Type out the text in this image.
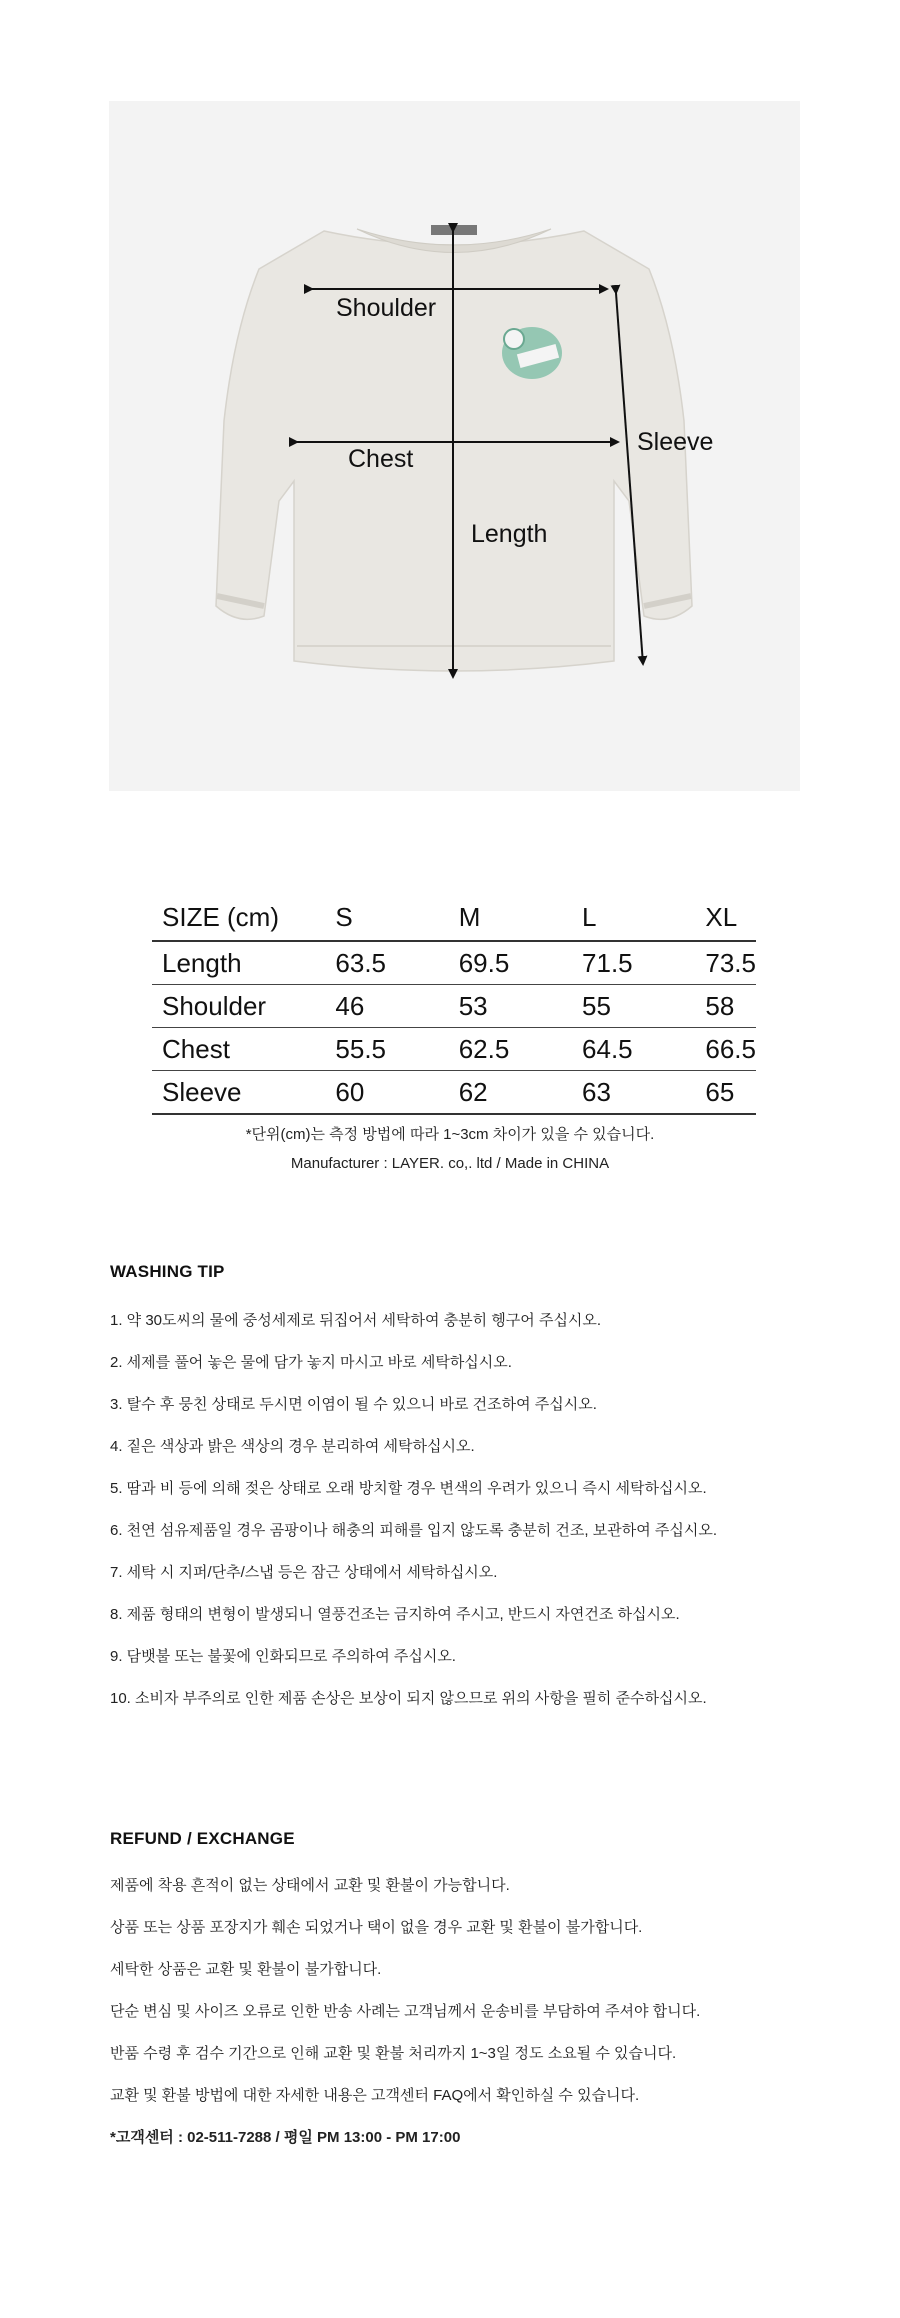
Shoulder
Chest
Length
Sleeve
SIZE (cm)	S	M	L	XL
Length	63.5	69.5	71.5	73.5
Shoulder	46	53	55	58
Chest	55.5	62.5	64.5	66.5
Sleeve	60	62	63	65
*단위(cm)는 측정 방법에 따라 1~3cm 차이가 있을 수 있습니다.
Manufacturer : LAYER. co,. ltd / Made in CHINA
WASHING TIP
1. 약 30도씨의 물에 중성세제로 뒤집어서 세탁하여 충분히 헹구어 주십시오.
2. 세제를 풀어 놓은 물에 담가 놓지 마시고 바로 세탁하십시오.
3. 탈수 후 뭉친 상태로 두시면 이염이 될 수 있으니 바로 건조하여 주십시오.
4. 짙은 색상과 밝은 색상의 경우 분리하여 세탁하십시오.
5. 땀과 비 등에 의해 젖은 상태로 오래 방치할 경우 변색의 우려가 있으니 즉시 세탁하십시오.
6. 천연 섬유제품일 경우 곰팡이나 해충의 피해를 입지 않도록 충분히 건조, 보관하여 주십시오.
7. 세탁 시 지퍼/단추/스냅 등은 잠근 상태에서 세탁하십시오.
8. 제품 형태의 변형이 발생되니 열풍건조는 금지하여 주시고, 반드시 자연건조 하십시오.
9. 담뱃불 또는 불꽃에 인화되므로 주의하여 주십시오.
10. 소비자 부주의로 인한 제품 손상은 보상이 되지 않으므로 위의 사항을 필히 준수하십시오.
REFUND / EXCHANGE
제품에 착용 흔적이 없는 상태에서 교환 및 환불이 가능합니다.
상품 또는 상품 포장지가 훼손 되었거나 택이 없을 경우 교환 및 환불이 불가합니다.
세탁한 상품은 교환 및 환불이 불가합니다.
단순 변심 및 사이즈 오류로 인한 반송 사례는 고객님께서 운송비를 부담하여 주셔야 합니다.
반품 수령 후 검수 기간으로 인해 교환 및 환불 처리까지 1~3일 정도 소요될 수 있습니다.
교환 및 환불 방법에 대한 자세한 내용은 고객센터 FAQ에서 확인하실 수 있습니다.
*고객센터 : 02-511-7288 / 평일 PM 13:00 - PM 17:00
